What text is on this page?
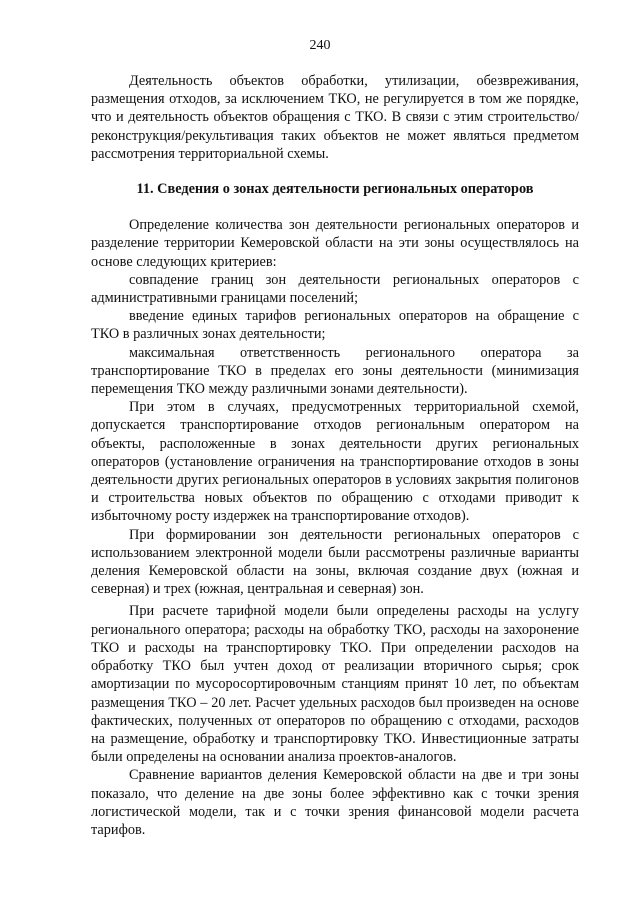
240

Деятельность объектов обработки, утилизации, обезвреживания, размещения отходов, за исключением ТКО, не регулируется в том же порядке, что и деятельность объектов обращения с ТКО. В связи с этим строительство/реконструкция/рекультивация таких объектов не может являться предметом рассмотрения территориальной схемы.

11. Сведения о зонах деятельности региональных операторов

Определение количества зон деятельности региональных операторов и разделение территории Кемеровской области на эти зоны осуществлялось на основе следующих критериев:

совпадение границ зон деятельности региональных операторов с административными границами поселений;

введение единых тарифов региональных операторов на обращение с ТКО в различных зонах деятельности;

максимальная ответственность регионального оператора за транспортирование ТКО в пределах его зоны деятельности (минимизация перемещения ТКО между различными зонами деятельности).

При этом в случаях, предусмотренных территориальной схемой, допускается транспортирование отходов региональным оператором на объекты, расположенные в зонах деятельности других региональных операторов (установление ограничения на транспортирование отходов в зоны деятельности других региональных операторов в условиях закрытия полигонов и строительства новых объектов по обращению с отходами приводит к избыточному росту издержек на транспортирование отходов).

При формировании зон деятельности региональных операторов с использованием электронной модели были рассмотрены различные варианты деления Кемеровской области на зоны, включая создание двух (южная и северная) и трех (южная, центральная и северная) зон.

При расчете тарифной модели были определены расходы на услугу регионального оператора; расходы на обработку ТКО, расходы на захоронение ТКО и расходы на транспортировку ТКО. При определении расходов на обработку ТКО был учтен доход от реализации вторичного сырья; срок амортизации по мусоросортировочным станциям принят 10 лет, по объектам размещения ТКО – 20 лет. Расчет удельных расходов был произведен на основе фактических, полученных от операторов по обращению с отходами, расходов на размещение, обработку и транспортировку ТКО. Инвестиционные затраты были определены на основании анализа проектов-аналогов.

Сравнение вариантов деления Кемеровской области на две и три зоны показало, что деление на две зоны более эффективно как с точки зрения логистической модели, так и с точки зрения финансовой модели расчета тарифов.
